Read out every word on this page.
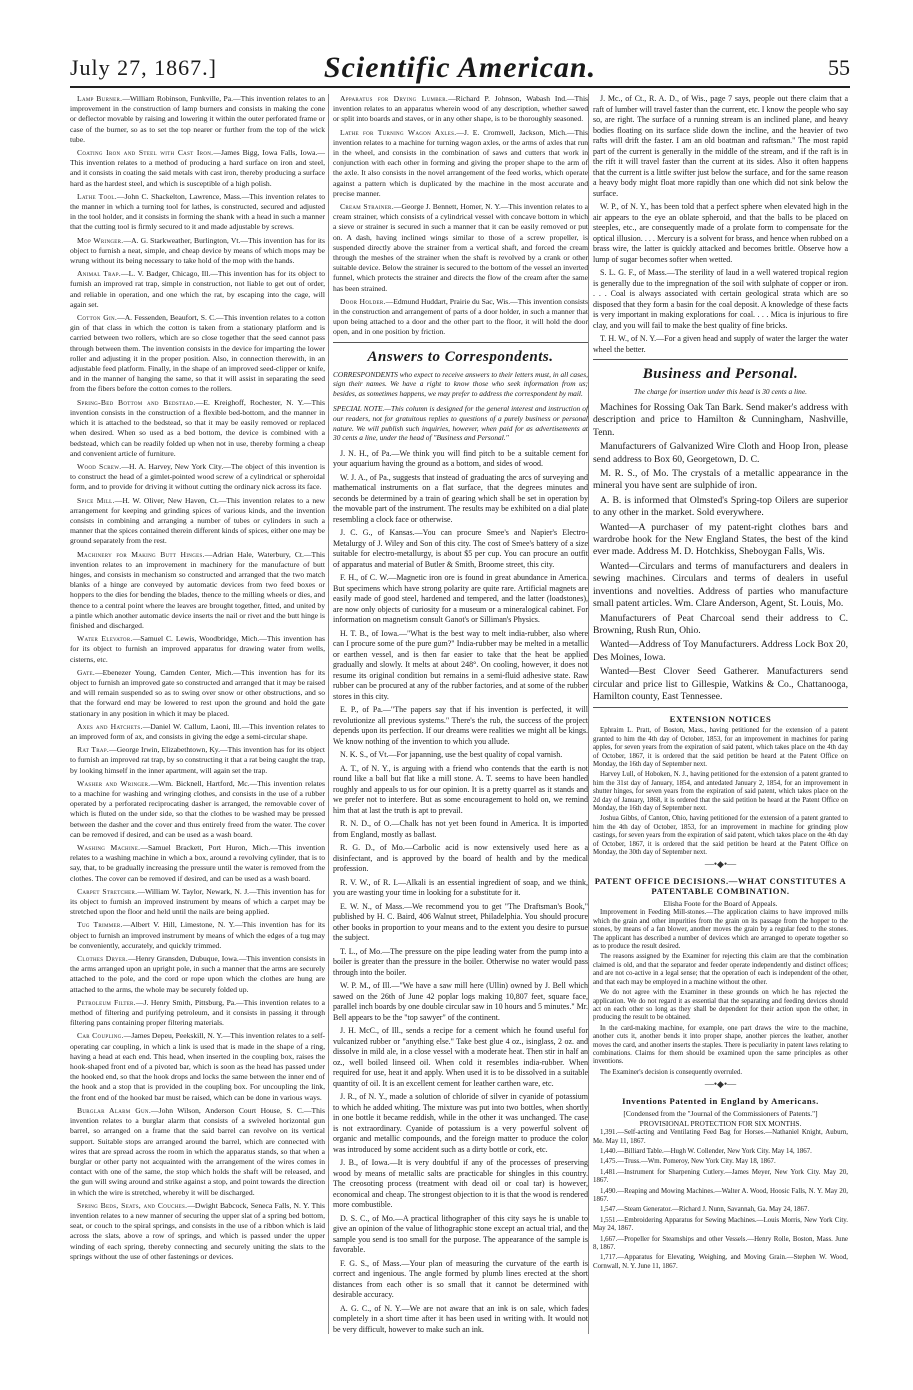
July 27, 1867.]	Scientific American.	55

Lamp Burner.—William Robinson, Funkville, Pa.—This invention relates to an improvement in the construction of lamp burners and consists in making the cone or deflector movable by raising and lowering it within the outer perforated frame or case of the burner, so as to set the top nearer or further from the top of the wick tube.

Coating Iron and Steel with Cast Iron.—James Bigg, Iowa Falls, Iowa.—This invention relates to a method of producing a hard surface on iron and steel, and it consists in coating the said metals with cast iron, thereby producing a surface hard as the hardest steel, and which is susceptible of a high polish.

Lathe Tool.—John C. Shackelton, Lawrence, Mass.—This invention relates to the manner in which a turning tool for lathes, is constructed, secured and adjusted in the tool holder, and it consists in forming the shank with a head in such a manner that the cutting tool is firmly secured to it and made adjustable by screws.

Mop Wringer.—A. G. Starkweather, Burlington, Vt.—This invention has for its object to furnish a neat, simple, and cheap device by means of which mops may be wrung without its being necessary to take hold of the mop with the hands.

Animal Trap.—L. V. Badger, Chicago, Ill.—This invention has for its object to furnish an improved rat trap, simple in construction, not liable to get out of order, and reliable in operation, and one which the rat, by escaping into the cage, will again set.

Cotton Gin.—A. Fessenden, Beaufort, S. C.—This invention relates to a cotton gin of that class in which the cotton is taken from a stationary platform and is carried between two rollers, which are so close together that the seed cannot pass through between them. The invention consists in the device for imparting the lower roller and adjusting it in the proper position. Also, in connection therewith, in an adjustable feed platform. Finally, in the shape of an improved seed-clipper or knife, and in the manner of hanging the same, so that it will assist in separating the seed from the fibers before the cotton comes to the rollers.

Spring-Bed Bottom and Bedstead.—E. Kreighoff, Rochester, N. Y.—This invention consists in the construction of a flexible bed-bottom, and the manner in which it is attached to the bedstead, so that it may be easily removed or replaced when desired. When so used as a bed bottom, the device is combined with a bedstead, which can be readily folded up when not in use, thereby forming a cheap and convenient article of furniture.

Wood Screw.—H. A. Harvey, New York City.—The object of this invention is to construct the head of a gimlet-pointed wood screw of a cylindrical or spheroidal form, and to provide for driving it without cutting the ordinary nick across its face.

Spice Mill.—H. W. Oliver, New Haven, Ct.—This invention relates to a new arrangement for keeping and grinding spices of various kinds, and the invention consists in combining and arranging a number of tubes or cylinders in such a manner that the spices contained therein different kinds of spices, either one may be ground separately from the rest.

Machinery for Making Butt Hinges.—Adrian Hale, Waterbury, Ct.—This invention relates to an improvement in machinery for the manufacture of butt hinges, and consists in mechanism so constructed and arranged that the two match blanks of a hinge are conveyed by automatic devices from two feed boxes or hoppers to the dies for bending the blades, thence to the milling wheels or dies, and thence to a central point where the leaves are brought together, fitted, and united by a pintle which another automatic device inserts the nail or rivet and the butt hinge is finished and discharged.

Water Elevator.—Samuel C. Lewis, Woodbridge, Mich.—This invention has for its object to furnish an improved apparatus for drawing water from wells, cisterns, etc.

Gate.—Ebenezer Young, Camden Center, Mich.—This invention has for its object to furnish an improved gate so constructed and arranged that it may be raised and will remain suspended so as to swing over snow or other obstructions, and so that the forward end may be lowered to rest upon the ground and hold the gate stationary in any position in which it may be placed.

Axes and Hatchets.—Daniel W. Callum, Laoni, Ill.—This invention relates to an improved form of ax, and consists in giving the edge a semi-circular shape.

Rat Trap.—George Irwin, Elizabethtown, Ky.—This invention has for its object to furnish an improved rat trap, by so constructing it that a rat being caught the trap, by looking himself in the inner apartment, will again set the trap.

Washer and Wringer.—Wm. Bicknell, Hartford, Mc.—This invention relates to a machine for washing and wringing clothes, and consists in the use of a rubber operated by a perforated reciprocating dasher is arranged, the removable cover of which is fluted on the under side, so that the clothes to be washed may be pressed between the dasher and the cover and thus entirely freed from the water. The cover can be removed if desired, and can be used as a wash board.

Washing Machine.—Samuel Brackett, Port Huron, Mich.—This invention relates to a washing machine in which a box, around a revolving cylinder, that is to say, that, to be gradually increasing the pressure until the water is removed from the clothes. The cover can be removed if desired, and can be used as a wash board.

Carpet Stretcher.—William W. Taylor, Newark, N. J.—This invention has for its object to furnish an improved instrument by means of which a carpet may be stretched upon the floor and held until the nails are being applied.

Tug Trimmer.—Albert V. Hill, Limestone, N. Y.—This invention has for its object to furnish an improved instrument by means of which the edges of a tug may be conveniently, accurately, and quickly trimmed.

Clothes Dryer.—Henry Gransden, Dubuque, Iowa.—This invention consists in the arms arranged upon an upright pole, in such a manner that the arms are securely attached to the pole, and the cord or rope upon which the clothes are hung are attached to the arms, the whole may be securely folded up.

Petroleum Filter.—J. Henry Smith, Pittsburg, Pa.—This invention relates to a method of filtering and purifying petroleum, and it consists in passing it through filtering pans containing proper filtering materials.

Car Coupling.—James Depeu, Peekskill, N. Y.—This invention relates to a self-operating car coupling, in which a link is used that is made in the shape of a ring, having a head at each end. This head, when inserted in the coupling box, raises the hook-shaped front end of a pivoted bar, which is soon as the head has passed under the hooked end, so that the hook drops and locks the same between the inner end of the hook and a stop that is provided in the coupling box. For uncoupling the link, the front end of the hooked bar must be raised, which can be done in various ways.

Burglar Alarm Gun.—John Wilson, Anderson Court House, S. C.—This invention relates to a burglar alarm that consists of a swiveled horizontal gun barrel, so arranged on a frame that the said barrel can revolve on its vertical support. Suitable stops are arranged around the barrel, which are connected with wires that are spread across the room in which the apparatus stands, so that when a burglar or other party not acquainted with the arrangement of the wires comes in contact with one of the same, the stop which holds the shaft will be released, and the gun will swing around and strike against a stop, and point towards the direction in which the wire is stretched, whereby it will be discharged.

Spring Beds, Seats, and Couches.—Dwight Babcock, Seneca Falls, N. Y. This invention relates to a new manner of securing the upper slat of a spring bed bottom, seat, or couch to the spiral springs, and consists in the use of a ribbon which is laid across the slats, above a row of springs, and which is passed under the upper winding of each spring, thereby connecting and securely uniting the slats to the springs without the use of other fastenings or devices.

Apparatus for Drying Lumber.—Richard P. Johnson, Wabash Ind.—This invention relates to an apparatus wherein wood of any description, whether sawed or split into boards and staves, or in any other shape, is to be thoroughly seasoned.

Lathe for Turning Wagon Axles.—J. E. Cromwell, Jackson, Mich.—This invention relates to a machine for turning wagon axles, or the arms of axles that run in the wheel, and consists in the combination of saws and cutters that work in conjunction with each other in forming and giving the proper shape to the arm of the axle. It also consists in the novel arrangement of the feed works, which operate against a pattern which is duplicated by the machine in the most accurate and precise manner.

Cream Strainer.—George J. Bennett, Homer, N. Y.—This invention relates to a cream strainer, which consists of a cylindrical vessel with concave bottom in which a sieve or strainer is secured in such a manner that it can be easily removed or put on. A dash, having inclined wings similar to those of a screw propeller, is suspended directly above the strainer from a vertical shaft, and forced the cream through the meshes of the strainer when the shaft is revolved by a crank or other suitable device. Below the strainer is secured to the bottom of the vessel an inverted funnel, which protects the strainer and directs the flow of the cream after the same has been strained.

Door Holder.—Edmund Huddart, Prairie du Sac, Wis.—This invention consists in the construction and arrangement of parts of a door holder, in such a manner that upon being attached to a door and the other part to the floor, it will hold the door open, and in one position by friction.

Answers to Correspondents.

CORRESPONDENTS who expect to receive answers to their letters must, in all cases, sign their names. We have a right to know those who seek information from us; besides, as sometimes happens, we may prefer to address the correspondent by mail.

SPECIAL NOTE.—This column is designed for the general interest and instruction of our readers, not for gratuitous replies to questions of a purely business or personal nature. We will publish such inquiries, however, when paid for as advertisements at 30 cents a line, under the head of "Business and Personal."

J. N. H., of Pa.—We think you will find pitch to be a suitable cement for your aquarium having the ground as a bottom, and sides of wood.

W. J. A., of Pa., suggests that instead of graduating the arcs of surveying and mathematical instruments on a flat surface, that the degrees minutes and seconds be determined by a train of gearing which shall be set in operation by the movable part of the instrument. The results may be exhibited on a dial plate resembling a clock face or otherwise.

J. C. G., of Kansas.—You can procure Smee's and Napier's Electro-Metalurgy of J. Wiley and Son of this city. The cost of Smee's battery of a size suitable for electro-metallurgy, is about $5 per cup. You can procure an outfit of apparatus and material of Butler & Smith, Broome street, this city.

F. H., of C. W.—Magnetic iron ore is found in great abundance in America. But specimens which have strong polarity are quite rare. Artificial magnets are easily made of good steel, hardened and tempered, and the latter (loadstones), are now only objects of curiosity for a museum or a mineralogical cabinet. For information on magnetism consult Ganot's or Silliman's Physics.

H. T. B., of Iowa.—"What is the best way to melt india-rubber, also where can I procure some of the pure gum?" India-rubber may be melted in a metallic or earthen vessel, and is then far easier to take that the heat be applied gradually and slowly. It melts at about 248°. On cooling, however, it does not resume its original condition but remains in a semi-fluid adhesive state. Raw rubber can be procured at any of the rubber factories, and at some of the rubber stores in this city.

E. P., of Pa.—"The papers say that if his invention is perfected, it will revolutionize all previous systems." There's the rub, the success of the project depends upon its perfection. If our dreams were realities we might all be kings. We know nothing of the invention to which you allude.

N. K. S., of Vt.—For japanning, use the best quality of copal varnish.

A. T., of N. Y., is arguing with a friend who contends that the earth is not round like a ball but flat like a mill stone. A. T. seems to have been handled roughly and appeals to us for our opinion. It is a pretty quarrel as it stands and we prefer not to interfere. But as some encouragement to hold on, we remind him that at last the truth is apt to prevail.

R. N. D., of O.—Chalk has not yet been found in America. It is imported from England, mostly as ballast.

R. G. D., of Mo.—Carbolic acid is now extensively used here as a disinfectant, and is approved by the board of health and by the medical profession.

R. V. W., of R. I.—Alkali is an essential ingredient of soap, and we think, you are wasting your time in looking for a substitute for it.

E. W. N., of Mass.—We recommend you to get "The Draftsman's Book," published by H. C. Baird, 406 Walnut street, Philadelphia. You should procure other books in proportion to your means and to the extent you desire to pursue the subject.

T. L., of Mo.—The pressure on the pipe leading water from the pump into a boiler is greater than the pressure in the boiler. Otherwise no water would pass through into the boiler.

W. P. M., of Ill.—"We have a saw mill here (Ullin) owned by J. Bell which sawed on the 26th of June 42 poplar logs making 10,807 feet, square face, parallel inch boards by one double circular saw in 10 hours and 5 minutes." Mr. Bell appears to be the "top sawyer" of the continent.

J. H. McC., of Ill., sends a recipe for a cement which he found useful for vulcanized rubber or "anything else." Take best glue 4 oz., isinglass, 2 oz. and dissolve in mild ale, in a close vessel with a moderate heat. Then stir in half an oz., well boiled linseed oil. When cold it resembles india-rubber. When required for use, heat it and apply. When used it is to be dissolved in a suitable quantity of oil. It is an excellent cement for leather carthen ware, etc.

J. R., of N. Y., made a solution of chloride of silver in cyanide of potassium to which he added whiting. The mixture was put into two bottles, when shortly in one bottle it became reddish, while in the other it was unchanged. The case is not extraordinary. Cyanide of potassium is a very powerful solvent of organic and metallic compounds, and the foreign matter to produce the color was introduced by some accident such as a dirty bottle or cork, etc.

J. B., of Iowa.—It is very doubtful if any of the processes of preserving wood by means of metallic salts are practicable for shingles in this country. The creosoting process (treatment with dead oil or coal tar) is however, economical and cheap. The strongest objection to it is that the wood is rendered more combustible.

D. S. C., of Mo.—A practical lithographer of this city says he is unable to give an opinion of the value of lithographic stone except an actual trial, and the sample you send is too small for the purpose. The appearance of the sample is favorable.

F. G. S., of Mass.—Your plan of measuring the curvature of the earth is correct and ingenious. The angle formed by plumb lines erected at the short distances from each other is so small that it cannot be determined with desirable accuracy.

A. G. C., of N. Y.—We are not aware that an ink is on sale, which fades completely in a short time after it has been used in writing with. It would not be very difficult, however to make such an ink.

J. Mc., of Ct., R. A. D., of Wis., page 7 says, people out there claim that a raft of lumber will travel faster than the current, etc. I know the people who say so, are right. The surface of a running stream is an inclined plane, and heavy bodies floating on its surface slide down the incline, and the heavier of two rafts will drift the faster. I am an old boatman and raftsman." The most rapid part of the current is generally in the middle of the stream, and if the raft is in the rift it will travel faster than the current at its sides. Also it often happens that the current is a little swifter just below the surface, and for the same reason a heavy body might float more rapidly than one which did not sink below the surface.

W. P., of N. Y., has been told that a perfect sphere when elevated high in the air appears to the eye an oblate spheroid, and that the balls to be placed on steeples, etc., are consequently made of a prolate form to compensate for the optical illusion. . . . Mercury is a solvent for brass, and hence when rubbed on a brass wire, the latter is quickly attacked and becomes brittle. Observe how a lump of sugar becomes softer when wetted.

S. L. G. F., of Mass.—The sterility of laud in a well watered tropical region is generally due to the impregnation of the soil with sulphate of copper or iron. . . . Coal is always associated with certain geological strata which are so disposed that they form a basin for the coal deposit. A knowledge of these facts is very important in making explorations for coal. . . . Mica is injurious to fire clay, and you will fail to make the best quality of fine bricks.

T. H. W., of N. Y.—For a given head and supply of water the larger the water wheel the better.

Business and Personal.

The charge for insertion under this head is 30 cents a line.

Machines for Rossing Oak Tan Bark. Send maker's address with description and price to Hamilton & Cunningham, Nashville, Tenn.

Manufacturers of Galvanized Wire Cloth and Hoop Iron, please send address to Box 60, Georgetown, D. C.

M. R. S., of Mo. The crystals of a metallic appearance in the mineral you have sent are sulphide of iron.

A. B. is informed that Olmsted's Spring-top Oilers are superior to any other in the market. Sold everywhere.

Wanted—A purchaser of my patent-right clothes bars and wardrobe hook for the New England States, the best of the kind ever made. Address M. D. Hotchkiss, Sheboygan Falls, Wis.

Wanted—Circulars and terms of manufacturers and dealers in sewing machines. Circulars and terms of dealers in useful inventions and novelties. Address of parties who manufacture small patent articles. Wm. Clare Anderson, Agent, St. Louis, Mo.

Manufacturers of Peat Charcoal send their address to C. Browning, Rush Run, Ohio.

Wanted—Address of Toy Manufacturers. Address Lock Box 20, Des Moines, Iowa.

Wanted—Best Clover Seed Gatherer. Manufacturers send circular and price list to Gillespie, Watkins & Co., Chattanooga, Hamilton county, East Tennessee.

EXTENSION NOTICES

Ephraim L. Pratt, of Boston, Mass., having petitioned for the extension of a patent granted to him the 4th day of October, 1853, for an improvement in machines for paring apples, for seven years from the expiration of said patent, which takes place on the 4th day of October, 1867, it is ordered that the said petition be heard at the Patent Office on Monday, the 16th day of September next.

Harvey Lull, of Hoboken, N. J., having petitioned for the extension of a patent granted to him the 31st day of January, 1854, and antedated January 2, 1854, for an improvement in shutter hinges, for seven years from the expiration of said patent, which takes place on the 2d day of January, 1868, it is ordered that the said petition be heard at the Patent Office on Monday, the 16th day of September next.

Joshua Gibbs, of Canton, Ohio, having petitioned for the extension of a patent granted to him the 4th day of October, 1853, for an improvement in machine for grinding plow castings, for seven years from the expiration of said patent, which takes place on the 4th day of October, 1867, it is ordered that the said petition be heard at the Patent Office on Monday, the 30th day of September next.

—•◆•—
PATENT OFFICE DECISIONS.—WHAT CONSTITUTES A PATENTABLE COMBINATION.
Elisha Foote for the Board of Appeals.

Improvement in Feeding Mill-stones.—The application claims to have improved mills which the grain and other impurities from the grain on its passage from the hopper to the stones, by means of a fan blower, another moves the grain by a regular feed to the stones. The applicant has described a number of devices which are arranged to operate together so as to produce the result desired.

The reasons assigned by the Examiner for rejecting this claim are that the combination claimed is old, and that the separator and feeder operate independently and distinct offices; and are not co-active in a legal sense; that the operation of each is independent of the other, and that each may be employed in a machine without the other.

We do not agree with the Examiner in these grounds on which he has rejected the application. We do not regard it as essential that the separating and feeding devices should act on each other so long as they shall be dependent for their action upon the other, in producing the result to be obtained.

In the card-making machine, for example, one part draws the wire to the machine, another cuts it, another bends it into proper shape, another pierces the leather, another moves the card, and another inserts the staples. There is peculiarity in patent laws relating to combinations. Claims for them should be examined upon the same principles as other inventions.

The Examiner's decision is consequently overruled.

—•◆•—
Inventions Patented in England by Americans.
[Condensed from the "Journal of the Commissioners of Patents."]
PROVISIONAL PROTECTION FOR SIX MONTHS.

1,391.—Self-acting and Ventilating Feed Bag for Horses.—Nathaniel Knight, Auburn, Me. May 11, 1867.

1,440.—Billiard Table.—Hugh W. Collender, New York City. May 14, 1867.

1,475.—Truss.—Wm. Pomeroy, New York City. May 18, 1867.

1,481.—Instrument for Sharpening Cutlery.—James Meyer, New York City. May 20, 1867.

1,490.—Reaping and Mowing Machines.—Walter A. Wood, Hoosic Falls, N. Y. May 20, 1867.

1,547.—Steam Generator.—Richard J. Nunn, Savannah, Ga. May 24, 1867.

1,551.—Embroidering Apparatus for Sewing Machines.—Louis Morris, New York City. May 24, 1867.

1,667.—Propeller for Steamships and other Vessels.—Henry Rolle, Boston, Mass. June 8, 1867.

1,717.—Apparatus for Elevating, Weighing, and Moving Grain.—Stephen W. Wood, Cornwall, N. Y. June 11, 1867.
